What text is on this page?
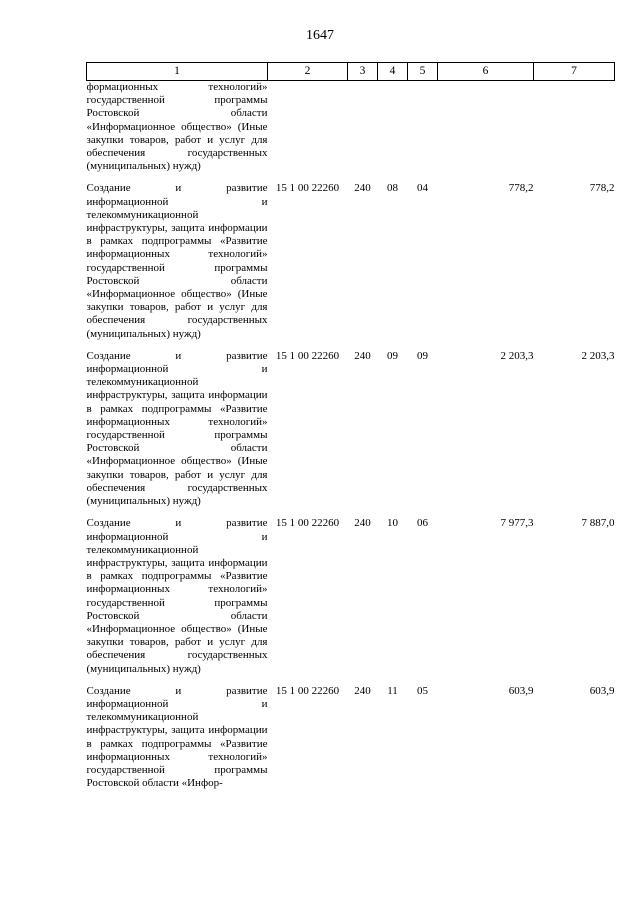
1647
1	2	3	4	5	6	7
формационных технологий» государственной программы Ростовской области «Информационное общество» (Иные закупки товаров, работ и услуг для обеспечения государственных (муниципальных) нужд)						

Создание и развитие информационной и телекоммуникационной инфраструктуры, защита информации в рамках подпрограммы «Развитие информационных технологий» государственной программы Ростовской области «Информационное общество» (Иные закупки товаров, работ и услуг для обеспечения государственных (муниципальных) нужд)	15 1 00 22260	240	08	04	778,2	778,2

Создание и развитие информационной и телекоммуникационной инфраструктуры, защита информации в рамках подпрограммы «Развитие информационных технологий» государственной программы Ростовской области «Информационное общество» (Иные закупки товаров, работ и услуг для обеспечения государственных (муниципальных) нужд)	15 1 00 22260	240	09	09	2 203,3	2 203,3

Создание и развитие информационной и телекоммуникационной инфраструктуры, защита информации в рамках подпрограммы «Развитие информационных технологий» государственной программы Ростовской области «Информационное общество» (Иные закупки товаров, работ и услуг для обеспечения государственных (муниципальных) нужд)	15 1 00 22260	240	10	06	7 977,3	7 887,0

Создание и развитие информационной и телекоммуникационной инфраструктуры, защита информации в рамках подпрограммы «Развитие информационных технологий» государственной программы Ростовской области «Инфор-	15 1 00 22260	240	11	05	603,9	603,9
